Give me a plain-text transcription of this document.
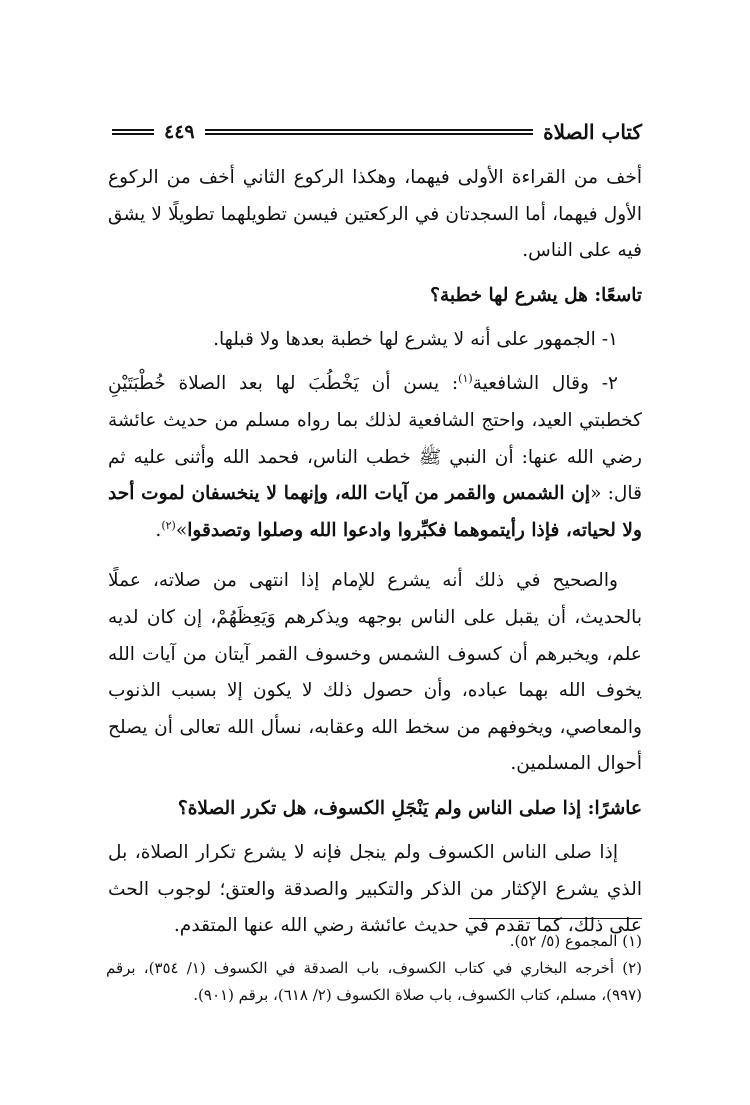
كتاب الصلاة
٤٤٩

أخف من القراءة الأولى فيهما، وهكذا الركوع الثاني أخف من الركوع الأول فيهما، أما السجدتان في الركعتين فيسن تطويلهما تطويلًا لا يشق فيه على الناس.

تاسعًا: هل يشرع لها خطبة؟

١- الجمهور على أنه لا يشرع لها خطبة بعدها ولا قبلها.

٢- وقال الشافعية$^{(١)}$: يسن أن يَخْطُبَ لها بعد الصلاة خُطْبَتَيْنِ كخطبتي العيد، واحتج الشافعية لذلك بما رواه مسلم من حديث عائشة رضي الله عنها: أن النبي ﷺ خطب الناس، فحمد الله وأثنى عليه ثم قال: «إن الشمس والقمر من آيات الله، وإنهما لا ينخسفان لموت أحد ولا لحياته، فإذا رأيتموهما فكبِّروا وادعوا الله وصلوا وتصدقوا»$^{(٢)}$.

والصحيح في ذلك أنه يشرع للإمام إذا انتهى من صلاته، عملًا بالحديث، أن يقبل على الناس بوجهه ويذكرهم وَيَعِظَهُمْ، إن كان لديه علم، ويخبرهم أن كسوف الشمس وخسوف القمر آيتان من آيات الله يخوف الله بهما عباده، وأن حصول ذلك لا يكون إلا بسبب الذنوب والمعاصي، ويخوفهم من سخط الله وعقابه، نسأل الله تعالى أن يصلح أحوال المسلمين.

عاشرًا: إذا صلى الناس ولم يَنْجَلِ الكسوف، هل تكرر الصلاة؟

إذا صلى الناس الكسوف ولم ينجل فإنه لا يشرع تكرار الصلاة، بل الذي يشرع الإكثار من الذكر والتكبير والصدقة والعتق؛ لوجوب الحث على ذلك، كما تقدم في حديث عائشة رضي الله عنها المتقدم.

(١) المجموع (٥/ ٥٢).

(٢) أخرجه البخاري في كتاب الكسوف، باب الصدقة في الكسوف (١/ ٣٥٤)، برقم (٩٩٧)، مسلم، كتاب الكسوف، باب صلاة الكسوف (٢/ ٦١٨)، برقم (٩٠١).
